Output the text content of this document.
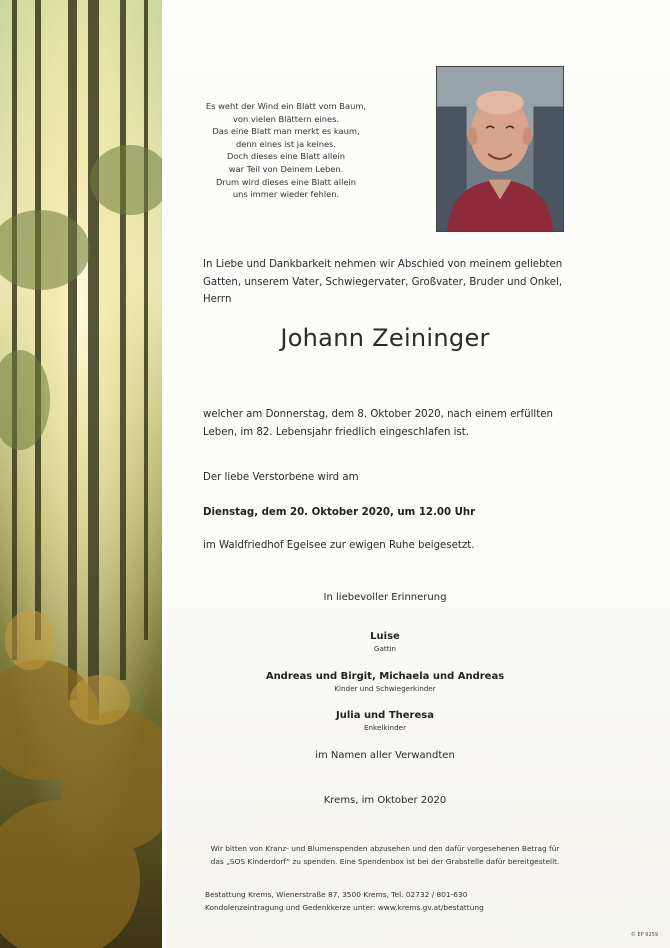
Es weht der Wind ein Blatt vom Baum,
von vielen Blättern eines.
Das eine Blatt man merkt es kaum,
denn eines ist ja keines.
Doch dieses eine Blatt allein
war Teil von Deinem Leben.
Drum wird dieses eine Blatt allein
uns immer wieder fehlen.
In Liebe und Dankbarkeit nehmen wir Abschied von meinem geliebten Gatten, unserem Vater, Schwiegervater, Großvater, Bruder und Onkel, Herrn
Johann Zeininger
welcher am Donnerstag, dem 8. Oktober 2020, nach einem erfüllten Leben, im 82. Lebensjahr friedlich eingeschlafen ist.
Der liebe Verstorbene wird am
Dienstag, dem 20. Oktober 2020, um 12.00 Uhr
im Waldfriedhof Egelsee zur ewigen Ruhe beigesetzt.
In liebevoller Erinnerung
Luise
Gattin
Andreas und Birgit, Michaela und Andreas
Kinder und Schwiegerkinder
Julia und Theresa
Enkelkinder
im Namen aller Verwandten
Krems, im Oktober 2020
Wir bitten von Kranz- und Blumenspenden abzusehen und den dafür vorgesehenen Betrag für
das „SOS Kinderdorf“ zu spenden. Eine Spendenbox ist bei der Grabstelle dafür bereitgestellt.
Bestattung Krems, Wienerstraße 87, 3500 Krems, Tel. 02732 / 801-630
Kondolenzeintragung und Gedenkkerze unter: www.krems.gv.at/bestattung
© EP 9259
